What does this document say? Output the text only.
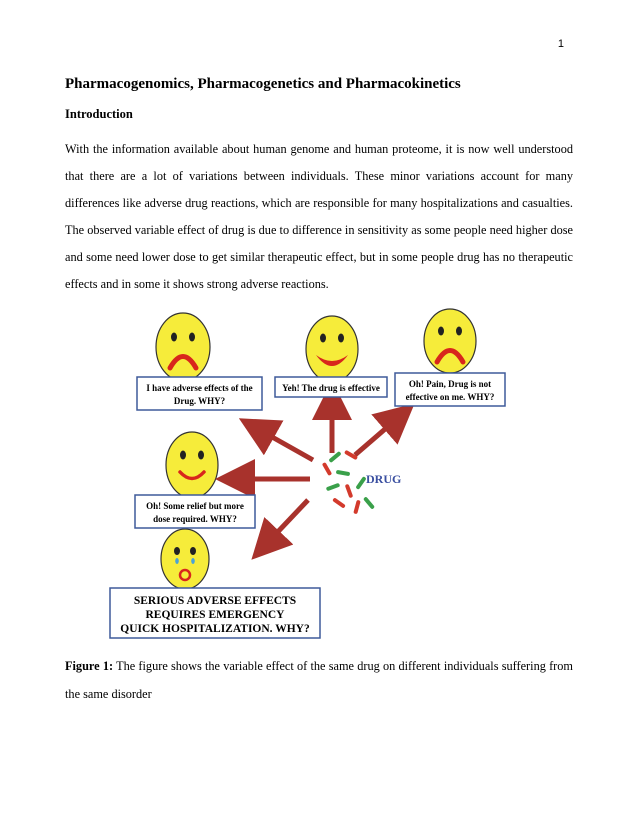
1
Pharmacogenomics, Pharmacogenetics and Pharmacokinetics
Introduction

With the information available about human genome and human proteome, it is now well understood that there are a lot of variations between individuals. These minor variations account for many differences like adverse drug reactions, which are responsible for many hospitalizations and casualties. The observed variable effect of drug is due to difference in sensitivity as some people need higher dose and some need lower dose to get similar therapeutic effect, but in some people drug has no therapeutic effects and in some it shows strong adverse reactions.

DRUG
I have adverse effects of the
Drug. WHY?
Yeh! The drug is effective	Oh! Pain, Drug is not
effective on me. WHY?
Oh! Some relief but more
dose required. WHY?
SERIOUS ADVERSE EFFECTS
REQUIRES EMERGENCY
QUICK HOSPITALIZATION. WHY?

Figure 1: The figure shows the variable effect of the same drug on different individuals suffering from the same disorder
